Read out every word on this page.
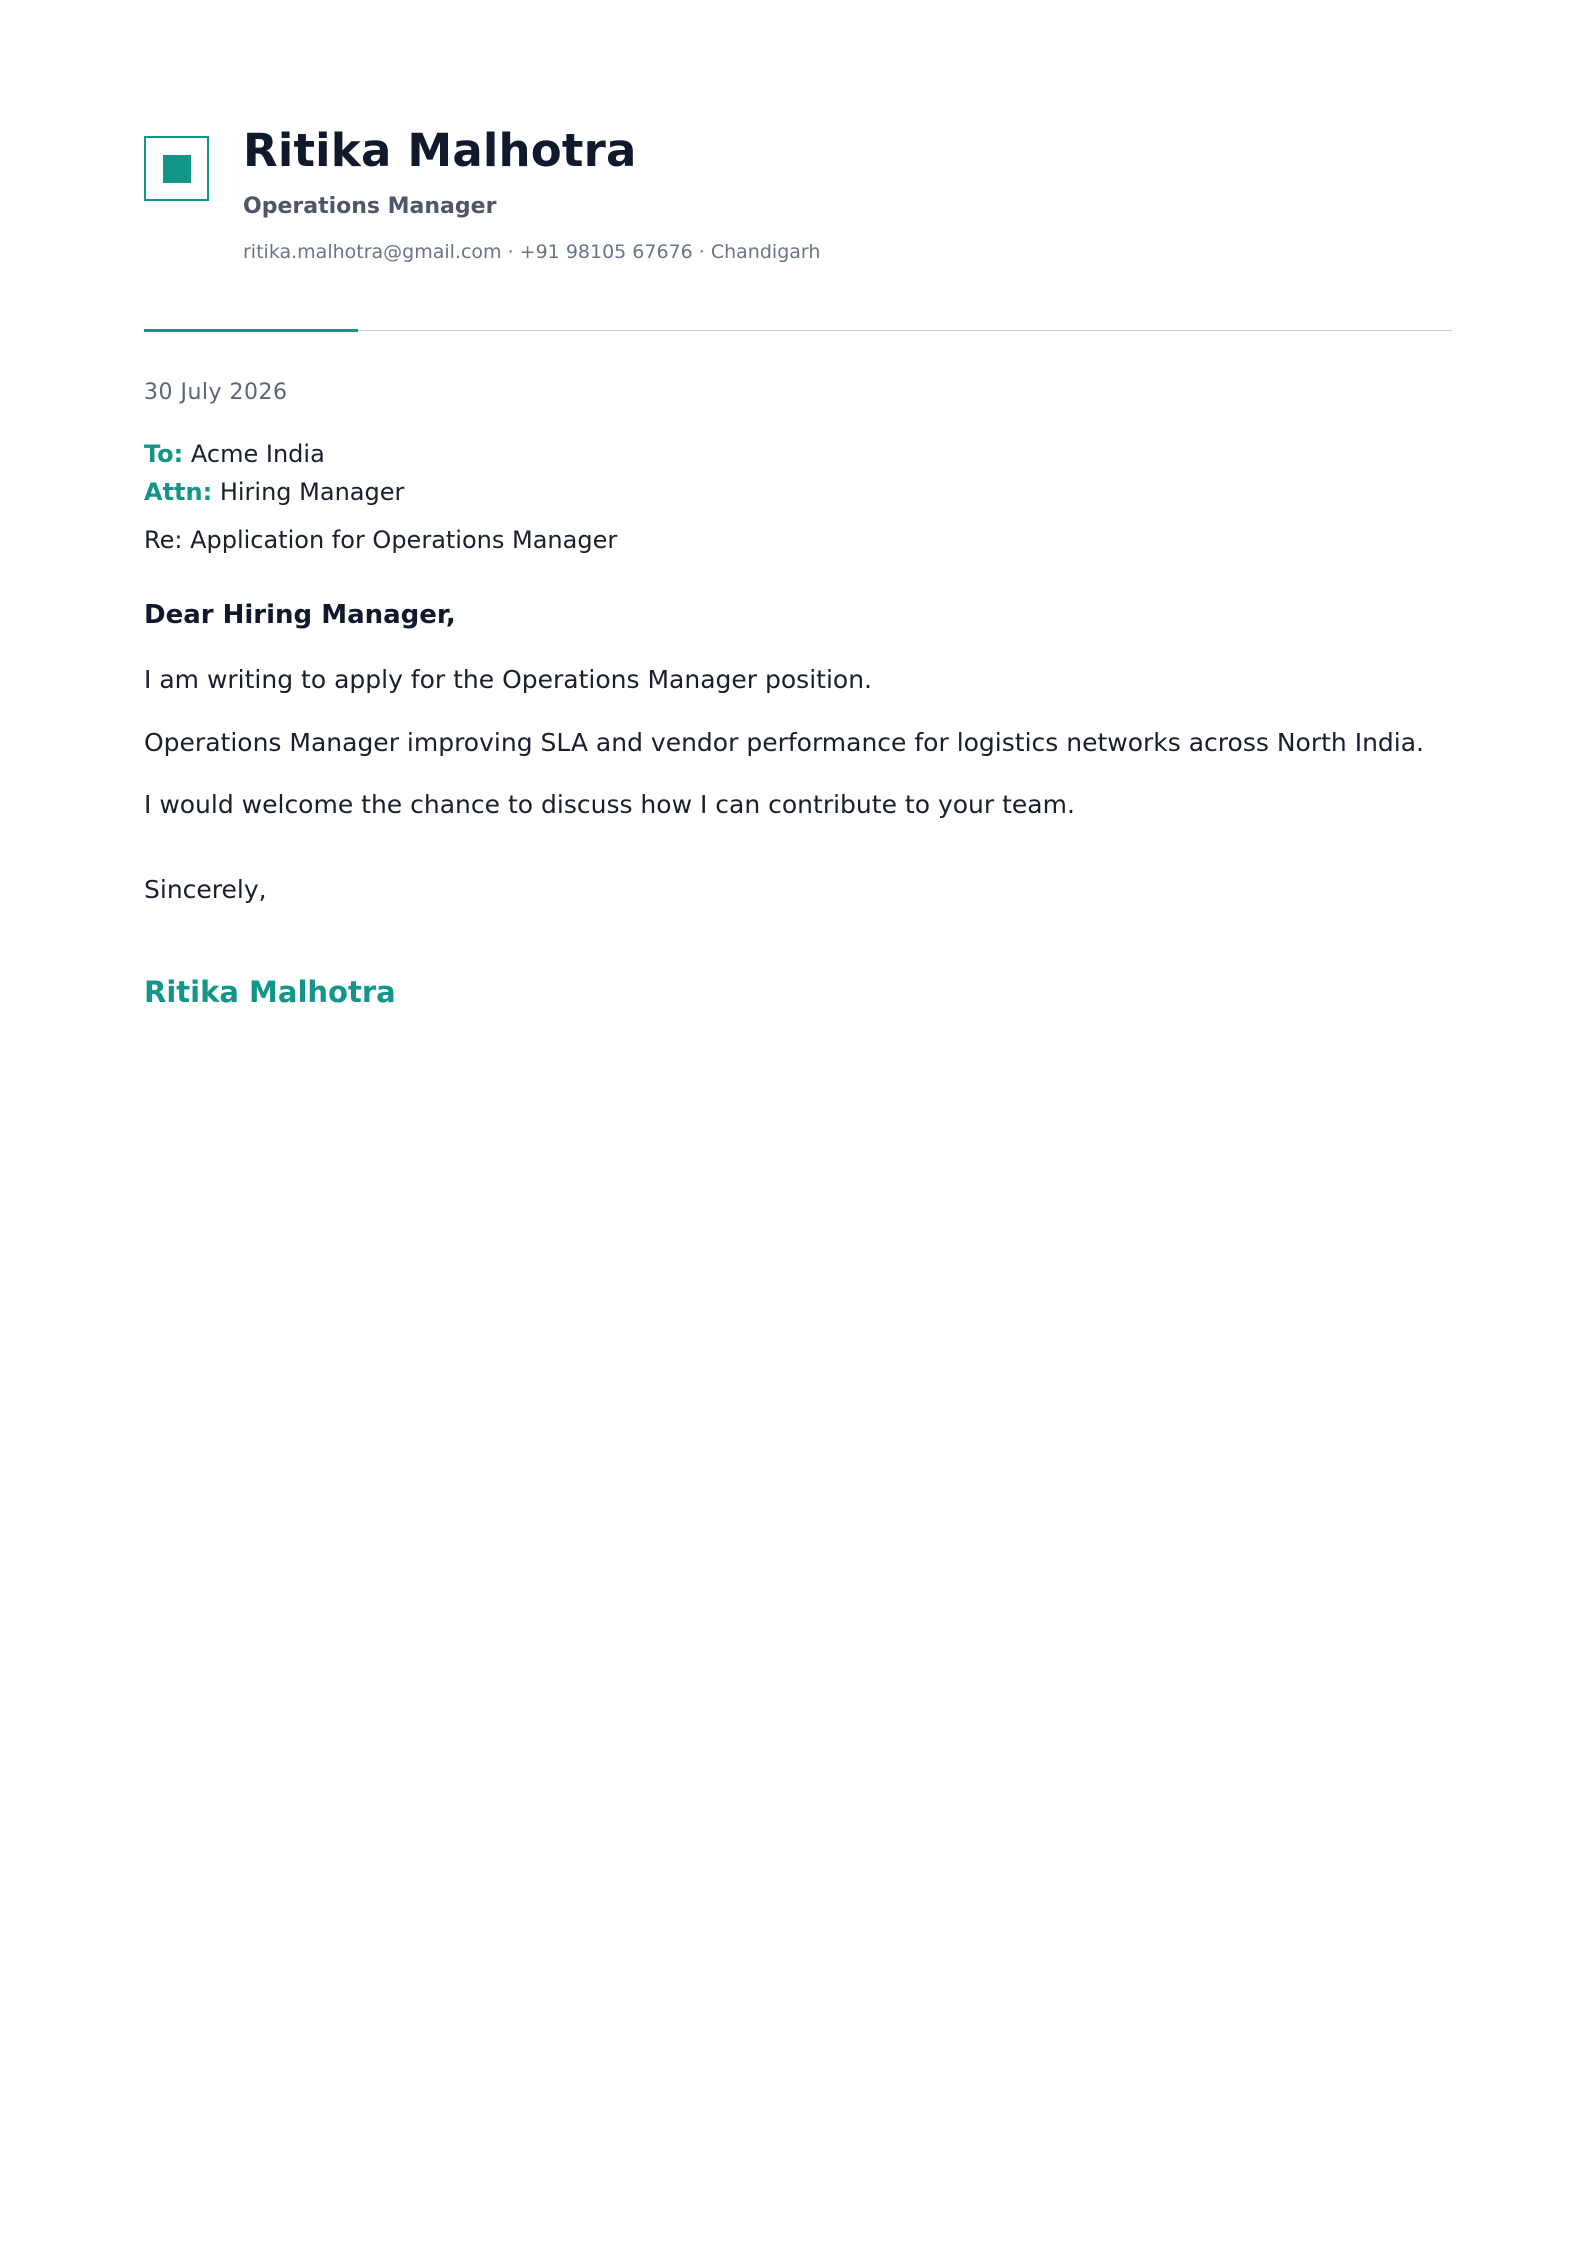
Ritika Malhotra
Operations Manager
ritika.malhotra@gmail.com · +91 98105 67676 · Chandigarh
30 July 2026
To: Acme India
Attn: Hiring Manager
Re: Application for Operations Manager
Dear Hiring Manager,
I am writing to apply for the Operations Manager position.
Operations Manager improving SLA and vendor performance for logistics networks across North India.
I would welcome the chance to discuss how I can contribute to your team.
Sincerely,
Ritika Malhotra
